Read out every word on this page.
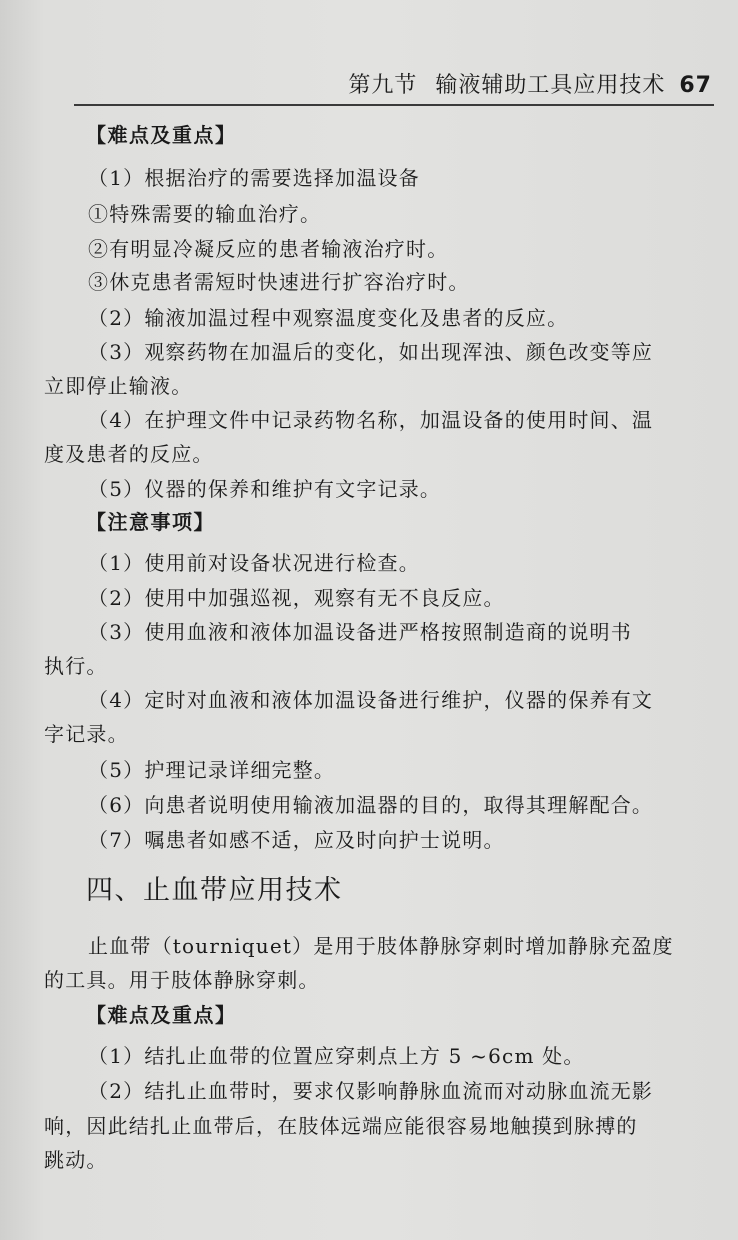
第九节 输液辅助工具应用技术 67
【难点及重点】
（1）根据治疗的需要选择加温设备
①特殊需要的输血治疗。
②有明显冷凝反应的患者输液治疗时。
③休克患者需短时快速进行扩容治疗时。
（2）输液加温过程中观察温度变化及患者的反应。
（3）观察药物在加温后的变化，如出现浑浊、颜色改变等应
立即停止输液。
（4）在护理文件中记录药物名称，加温设备的使用时间、温
度及患者的反应。
（5）仪器的保养和维护有文字记录。
【注意事项】
（1）使用前对设备状况进行检查。
（2）使用中加强巡视，观察有无不良反应。
（3）使用血液和液体加温设备进严格按照制造商的说明书
执行。
（4）定时对血液和液体加温设备进行维护，仪器的保养有文
字记录。
（5）护理记录详细完整。
（6）向患者说明使用输液加温器的目的，取得其理解配合。
（7）嘱患者如感不适，应及时向护士说明。
四、止血带应用技术
止血带（tourniquet）是用于肢体静脉穿刺时增加静脉充盈度
的工具。用于肢体静脉穿刺。
【难点及重点】
（1）结扎止血带的位置应穿刺点上方 5 ~6cm 处。
（2）结扎止血带时，要求仅影响静脉血流而对动脉血流无影
响，因此结扎止血带后，在肢体远端应能很容易地触摸到脉搏的
跳动。
